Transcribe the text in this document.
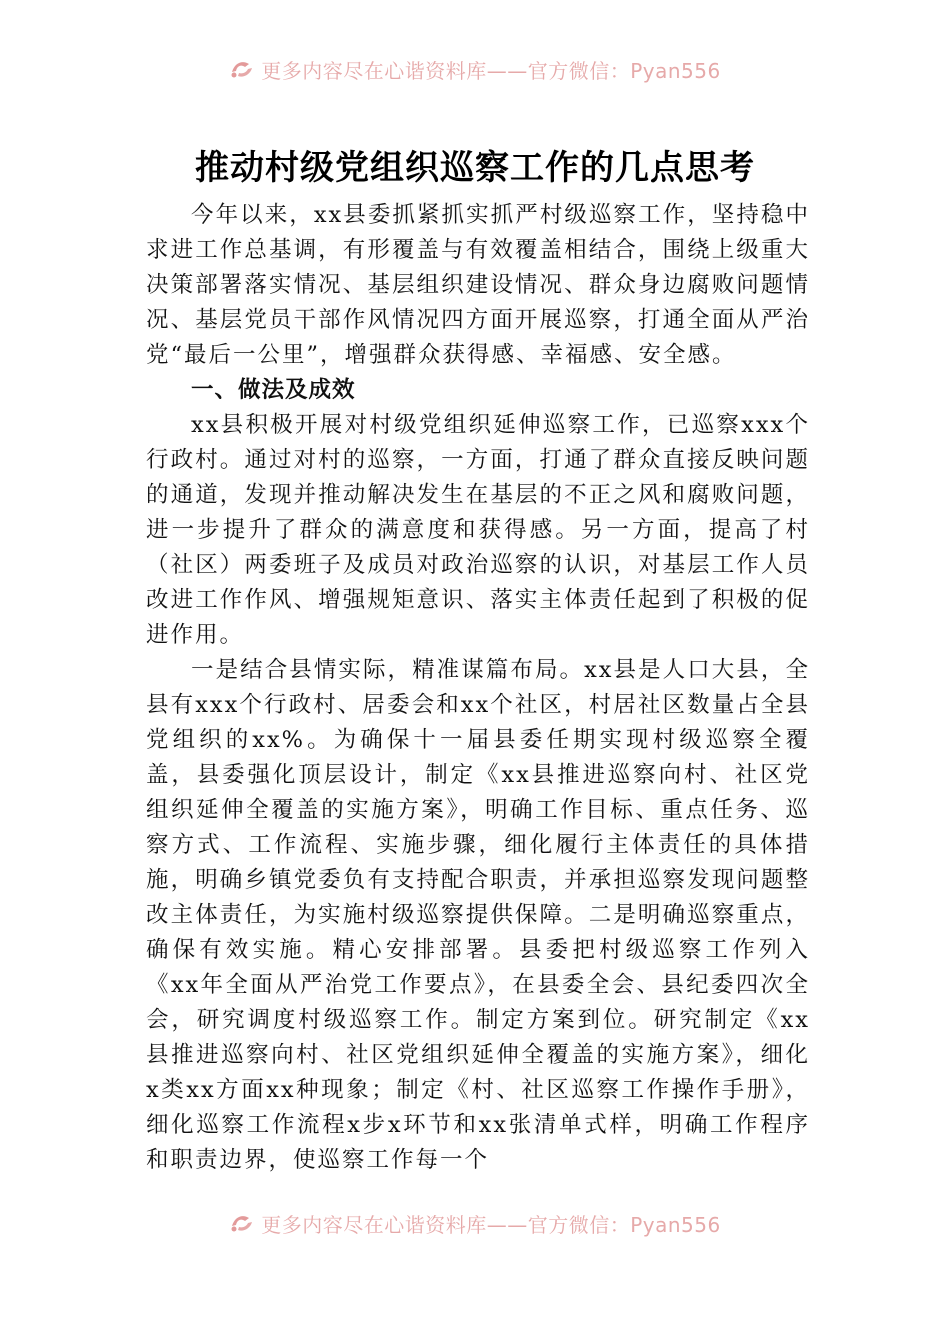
更多内容尽在心谐资料库——官方微信：Pyan556
推动村级党组织巡察工作的几点思考

今年以来，xx县委抓紧抓实抓严村级巡察工作，坚持稳中求进工作总基调，有形覆盖与有效覆盖相结合，围绕上级重大决策部署落实情况、基层组织建设情况、群众身边腐败问题情况、基层党员干部作风情况四方面开展巡察，打通全面从严治党“最后一公里”，增强群众获得感、幸福感、安全感。

一、做法及成效

xx县积极开展对村级党组织延伸巡察工作，已巡察xxx个行政村。通过对村的巡察，一方面，打通了群众直接反映问题的通道，发现并推动解决发生在基层的不正之风和腐败问题，进一步提升了群众的满意度和获得感。另一方面，提高了村（社区）两委班子及成员对政治巡察的认识，对基层工作人员改进工作作风、增强规矩意识、落实主体责任起到了积极的促进作用。

一是结合县情实际，精准谋篇布局。xx县是人口大县，全县有xxx个行政村、居委会和xx个社区，村居社区数量占全县党组织的xx%。为确保十一届县委任期实现村级巡察全覆盖，县委强化顶层设计，制定《xx县推进巡察向村、社区党组织延伸全覆盖的实施方案》，明确工作目标、重点任务、巡察方式、工作流程、实施步骤，细化履行主体责任的具体措施，明确乡镇党委负有支持配合职责，并承担巡察发现问题整改主体责任，为实施村级巡察提供保障。二是明确巡察重点，确保有效实施。精心安排部署。县委把村级巡察工作列入《xx年全面从严治党工作要点》，在县委全会、县纪委四次全会，研究调度村级巡察工作。制定方案到位。研究制定《xx县推进巡察向村、社区党组织延伸全覆盖的实施方案》，细化x类xx方面xx种现象；制定《村、社区巡察工作操作手册》，细化巡察工作流程x步x环节和xx张清单式样，明确工作程序和职责边界，使巡察工作每一个

更多内容尽在心谐资料库——官方微信：Pyan556
